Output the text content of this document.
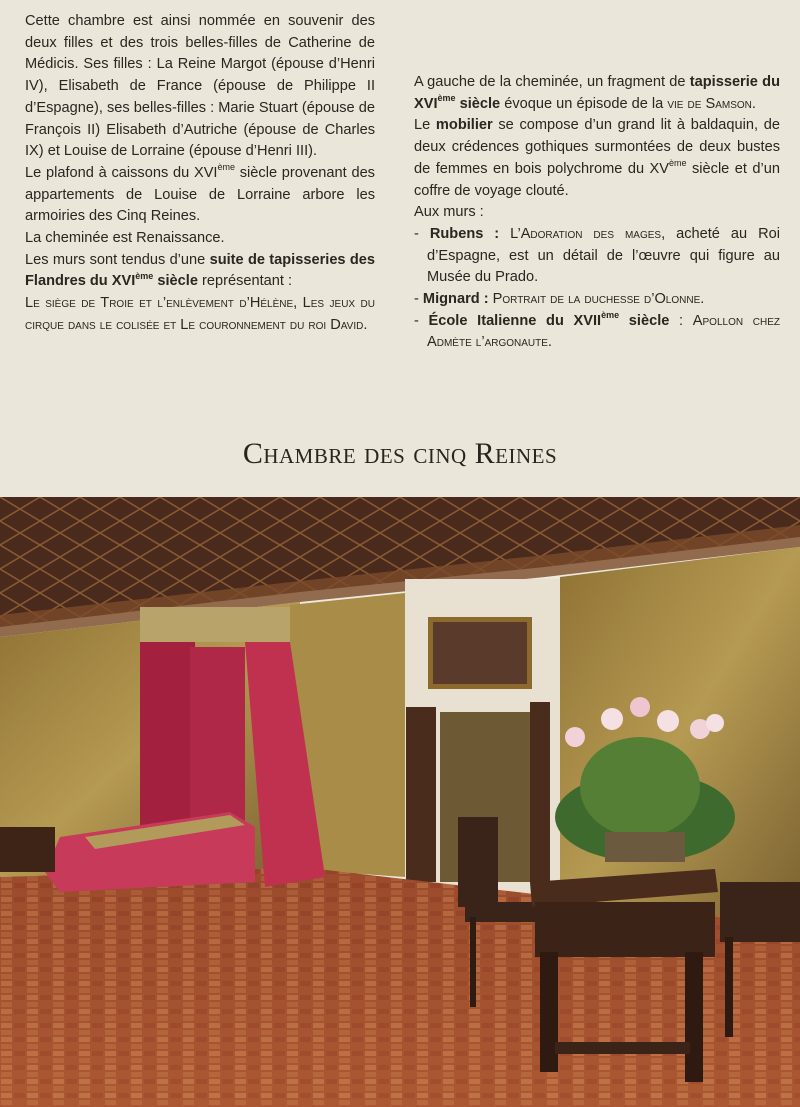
Cette chambre est ainsi nommée en souvenir des deux filles et des trois belles-filles de Catherine de Médicis. Ses filles : La Reine Margot (épouse d’Henri IV), Elisabeth de France (épouse de Philippe II d’Espagne), ses belles-filles : Marie Stuart (épouse de François II) Elisabeth d’Autriche (épouse de Charles IX) et Louise de Lorraine (épouse d’Henri III).

Le plafond à caissons du XVIème siècle provenant des appartements de Louise de Lorraine arbore les armoiries des Cinq Reines.

La cheminée est Renaissance.

Les murs sont tendus d’une suite de tapisseries des Flandres du XVIème siècle représentant :

Le siège de Troie et l’enlèvement d’Hélène, Les jeux du cirque dans le colisée et Le couronnement du roi David.

A gauche de la cheminée, un fragment de tapisserie du XVIème siècle évoque un épisode de la vie de Samson.

Le mobilier se compose d’un grand lit à baldaquin, de deux crédences gothiques surmontées de deux bustes de femmes en bois polychrome du XVème siècle et d’un coffre de voyage clouté.

Aux murs :

- Rubens : L’Adoration des mages, acheté au Roi d’Espagne, est un détail de l’œuvre qui figure au Musée du Prado.

- Mignard : Portrait de la duchesse d’Olonne.

- École Italienne du XVIIème siècle : Apollon chez Admète l’argonaute.

Chambre des cinq Reines
